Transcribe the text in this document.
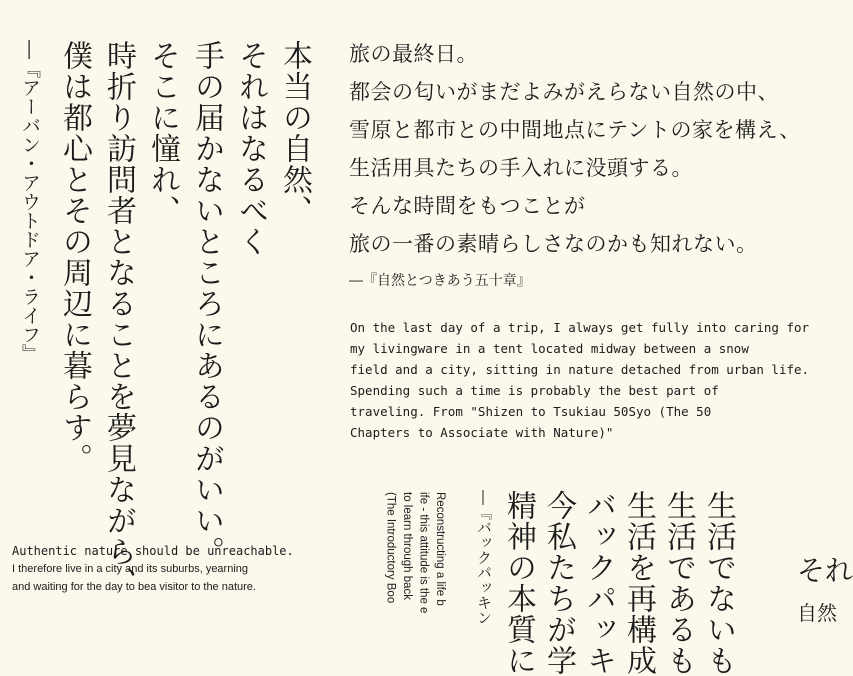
本当の自然、
それはなるべく
手の届かないところにあるのがいい。
そこに憧れ、
時折り訪問者となることを夢見ながら、
僕は都心とその周辺に暮らす。
―『アーバン・アウトドア・ライフ』
Authentic nature should be unreachable.
I therefore live in a city and its suburbs, yearning
and waiting for the day to bea visitor to the nature.
旅の最終日。
都会の匂いがまだよみがえらない自然の中、
雪原と都市との中間地点にテントの家を構え、
生活用具たちの手入れに没頭する。
そんな時間をもつことが
旅の一番の素晴らしさなのかも知れない。
―『自然とつきあう五十章』
On the last day of a trip, I always get fully into caring for
my livingware in a tent located midway between a snow
field and a city, sitting in nature detached from urban life.
Spending such a time is probably the best part of
traveling. From "Shizen to Tsukiau 50Syo (The 50
Chapters to Associate with Nature)"
生活でないも
生活であるも
生活を再構成
バックパッキ
今私たちが学
精神の本質に
―『バックパッキン
Reconstructing a life b
ife - this attitude is the e
to learn through back
(The Introductory Boo	それ
自然
